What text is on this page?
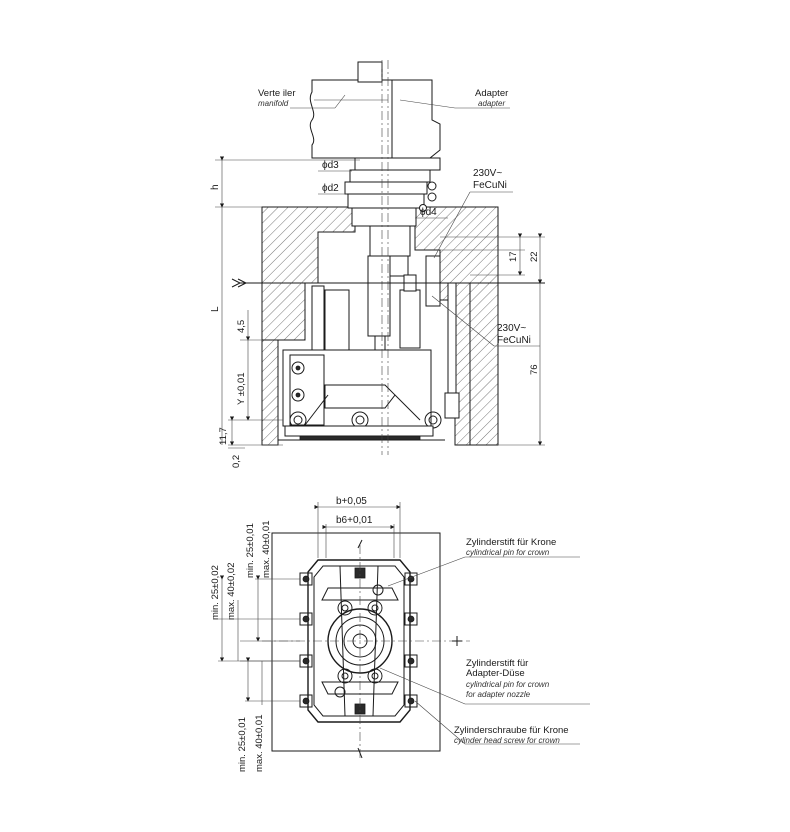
Verte iler
manifold
Adapter
adapter
ϕd3
ϕd2
ϕd4
230V~
FeCuNi
230V~
FeCuNi
h
L
4,5
Y ±0,01
11,7
0,2
17 22
76
b+0,05
b6+0,01
min. 25±0,01 max. 40±0,01
min. 25±0,02 max. 40±0,02
min. 25±0,01 max. 40±0,01
Zylinderstift für Krone
cylindrical pin for crown
Zylinderstift für
Adapter-Düse
cylindrical pin for crown
for adapter nozzle
Zylinderschraube für Krone
cylinder head screw for crown
